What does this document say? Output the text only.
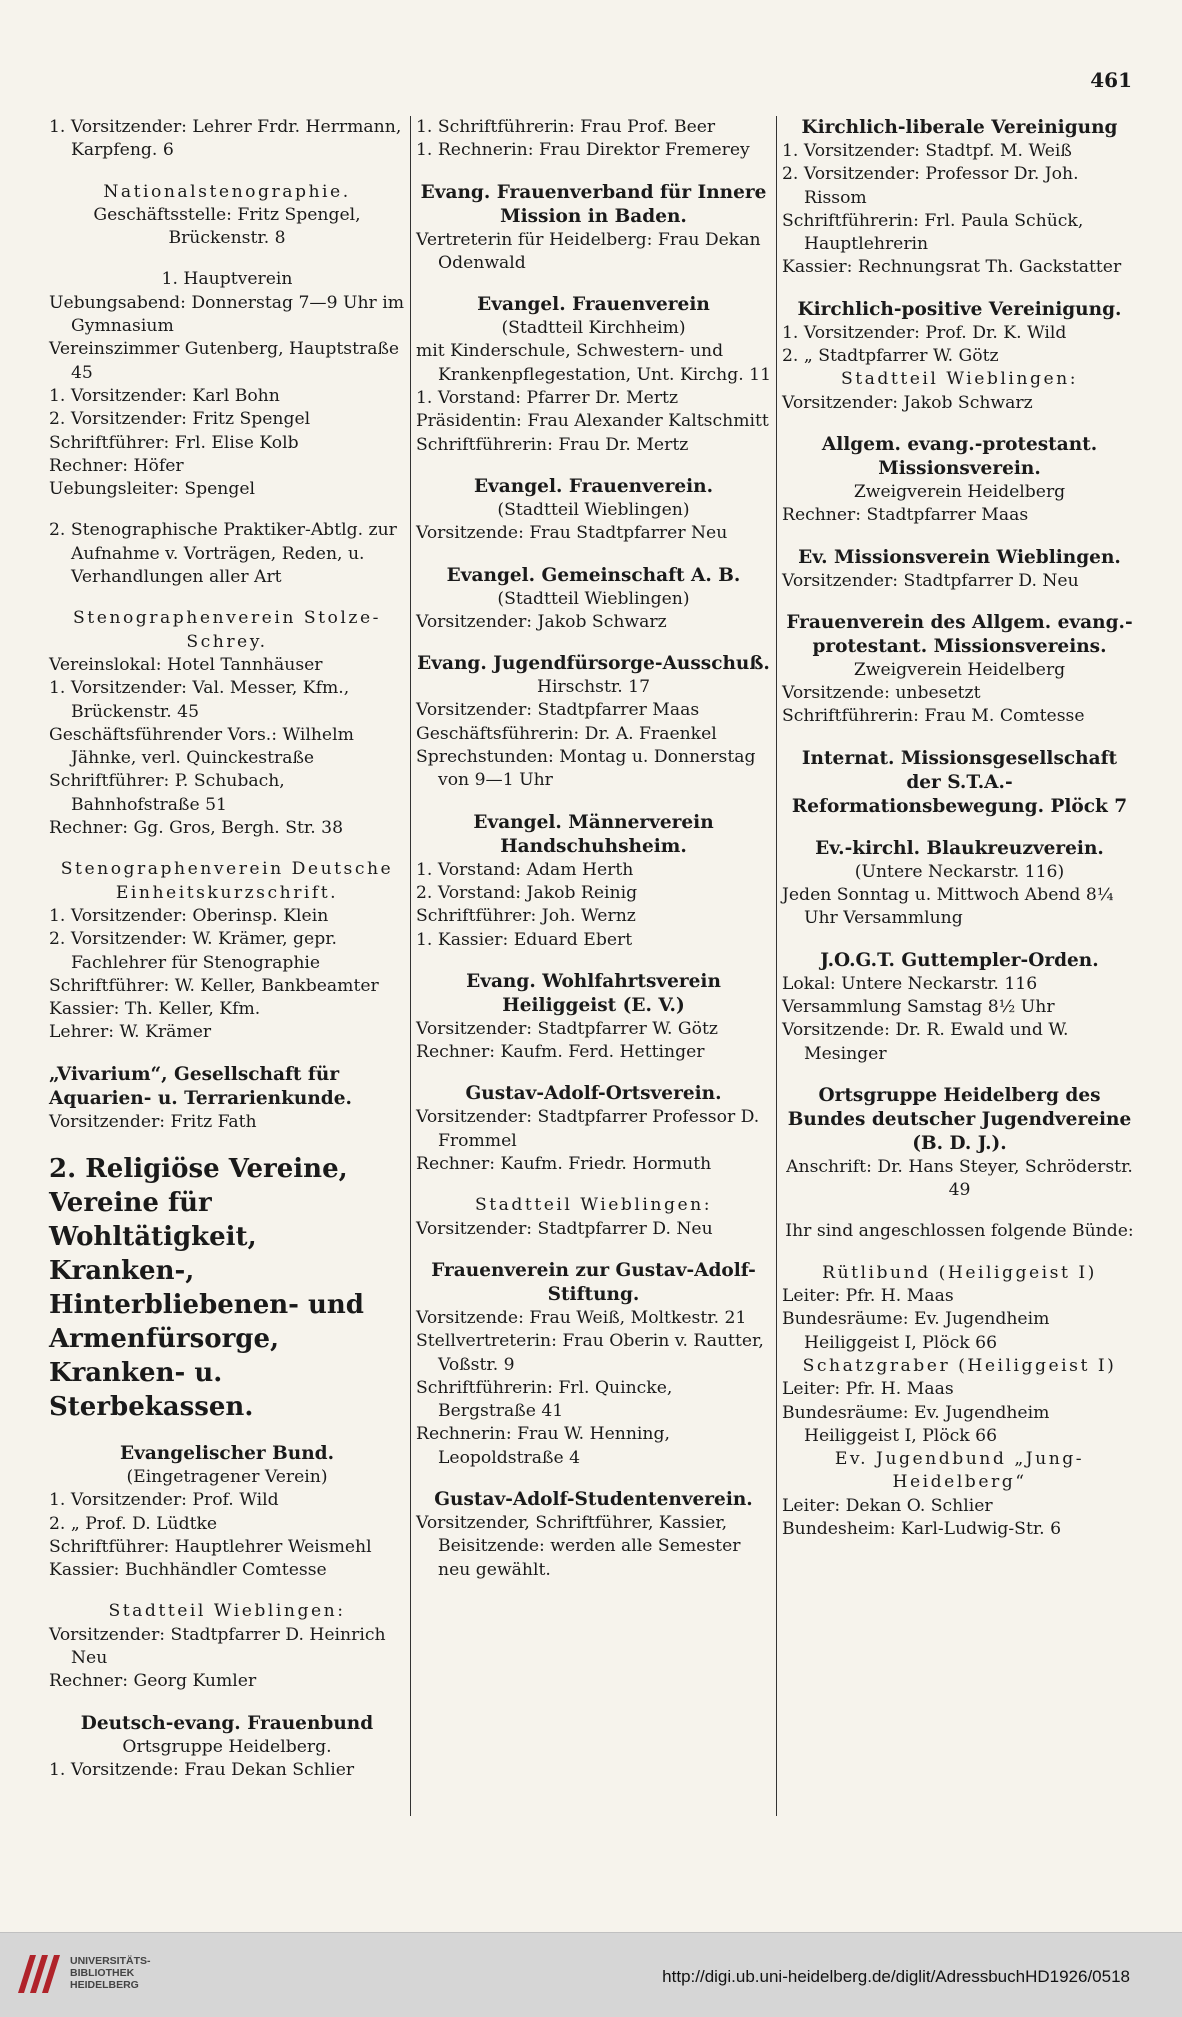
461

1. Vorsitzender: Lehrer Frdr. Herrmann, Karpfeng. 6

Nationalstenographie.

Geschäftsstelle: Fritz Spengel, Brückenstr. 8

1. Hauptverein

Uebungsabend: Donnerstag 7—9 Uhr im Gymnasium

Vereinszimmer Gutenberg, Hauptstraße 45

1. Vorsitzender: Karl Bohn

2. Vorsitzender: Fritz Spengel

Schriftführer: Frl. Elise Kolb

Rechner: Höfer

Uebungsleiter: Spengel

2. Stenographische Praktiker-Abtlg. zur Aufnahme v. Vorträgen, Reden, u. Verhandlungen aller Art

Stenographenverein Stolze-Schrey.

Vereinslokal: Hotel Tannhäuser

1. Vorsitzender: Val. Messer, Kfm., Brückenstr. 45

Geschäftsführender Vors.: Wilhelm Jähnke, verl. Quinckestraße

Schriftführer: P. Schubach, Bahnhofstraße 51

Rechner: Gg. Gros, Bergh. Str. 38

Stenographenverein Deutsche Einheitskurzschrift.

1. Vorsitzender: Oberinsp. Klein

2. Vorsitzender: W. Krämer, gepr. Fachlehrer für Stenographie

Schriftführer: W. Keller, Bankbeamter

Kassier: Th. Keller, Kfm.

Lehrer: W. Krämer

„Vivarium“, Gesellschaft für Aquarien- u. Terrarienkunde.

Vorsitzender: Fritz Fath

2. Religiöse Vereine, Vereine für Wohltätigkeit, Kranken-, Hinterbliebenen- und Armenfürsorge, Kranken- u. Sterbekassen.

Evangelischer Bund.

(Eingetragener Verein)

1. Vorsitzender: Prof. Wild

2. „ Prof. D. Lüdtke

Schriftführer: Hauptlehrer Weismehl

Kassier: Buchhändler Comtesse

Stadtteil Wieblingen:

Vorsitzender: Stadtpfarrer D. Heinrich Neu

Rechner: Georg Kumler

Deutsch-evang. Frauenbund

Ortsgruppe Heidelberg.

1. Vorsitzende: Frau Dekan Schlier

1. Schriftführerin: Frau Prof. Beer

1. Rechnerin: Frau Direktor Fremerey

Evang. Frauenverband für Innere Mission in Baden.

Vertreterin für Heidelberg: Frau Dekan Odenwald

Evangel. Frauenverein

(Stadtteil Kirchheim)

mit Kinderschule, Schwestern- und Krankenpflegestation, Unt. Kirchg. 11

1. Vorstand: Pfarrer Dr. Mertz

Präsidentin: Frau Alexander Kaltschmitt

Schriftführerin: Frau Dr. Mertz

Evangel. Frauenverein.

(Stadtteil Wieblingen)

Vorsitzende: Frau Stadtpfarrer Neu

Evangel. Gemeinschaft A. B.

(Stadtteil Wieblingen)

Vorsitzender: Jakob Schwarz

Evang. Jugendfürsorge-Ausschuß.

Hirschstr. 17

Vorsitzender: Stadtpfarrer Maas

Geschäftsführerin: Dr. A. Fraenkel

Sprechstunden: Montag u. Donnerstag von 9—1 Uhr

Evangel. Männerverein Handschuhsheim.

1. Vorstand: Adam Herth

2. Vorstand: Jakob Reinig

Schriftführer: Joh. Wernz

1. Kassier: Eduard Ebert

Evang. Wohlfahrtsverein Heiliggeist (E. V.)

Vorsitzender: Stadtpfarrer W. Götz

Rechner: Kaufm. Ferd. Hettinger

Gustav-Adolf-Ortsverein.

Vorsitzender: Stadtpfarrer Professor D. Frommel

Rechner: Kaufm. Friedr. Hormuth

Stadtteil Wieblingen:

Vorsitzender: Stadtpfarrer D. Neu

Frauenverein zur Gustav-Adolf-Stiftung.

Vorsitzende: Frau Weiß, Moltkestr. 21

Stellvertreterin: Frau Oberin v. Rautter, Voßstr. 9

Schriftführerin: Frl. Quincke, Bergstraße 41

Rechnerin: Frau W. Henning, Leopoldstraße 4

Gustav-Adolf-Studentenverein.

Vorsitzender, Schriftführer, Kassier, Beisitzende: werden alle Semester neu gewählt.

Kirchlich-liberale Vereinigung

1. Vorsitzender: Stadtpf. M. Weiß

2. Vorsitzender: Professor Dr. Joh. Rissom

Schriftführerin: Frl. Paula Schück, Hauptlehrerin

Kassier: Rechnungsrat Th. Gackstatter

Kirchlich-positive Vereinigung.

1. Vorsitzender: Prof. Dr. K. Wild

2. „ Stadtpfarrer W. Götz

Stadtteil Wieblingen:

Vorsitzender: Jakob Schwarz

Allgem. evang.-protestant. Missionsverein.

Zweigverein Heidelberg

Rechner: Stadtpfarrer Maas

Ev. Missionsverein Wieblingen.

Vorsitzender: Stadtpfarrer D. Neu

Frauenverein des Allgem. evang.-protestant. Missionsvereins.

Zweigverein Heidelberg

Vorsitzende: unbesetzt

Schriftführerin: Frau M. Comtesse

Internat. Missionsgesellschaft der S.T.A.-Reformationsbewegung. Plöck 7

Ev.-kirchl. Blaukreuzverein.

(Untere Neckarstr. 116)

Jeden Sonntag u. Mittwoch Abend 8¼ Uhr Versammlung

J.O.G.T. Guttempler-Orden.

Lokal: Untere Neckarstr. 116

Versammlung Samstag 8½ Uhr

Vorsitzende: Dr. R. Ewald und W. Mesinger

Ortsgruppe Heidelberg des Bundes deutscher Jugendvereine (B. D. J.).

Anschrift: Dr. Hans Steyer, Schröderstr. 49

Ihr sind angeschlossen folgende Bünde:

Rütlibund (Heiliggeist I)

Leiter: Pfr. H. Maas

Bundesräume: Ev. Jugendheim Heiliggeist I, Plöck 66

Schatzgraber (Heiliggeist I)

Leiter: Pfr. H. Maas

Bundesräume: Ev. Jugendheim Heiliggeist I, Plöck 66

Ev. Jugendbund „Jung-Heidelberg“

Leiter: Dekan O. Schlier

Bundesheim: Karl-Ludwig-Str. 6

UNIVERSITÄTS-
BIBLIOTHEK
HEIDELBERG	http://digi.ub.uni-heidelberg.de/diglit/AdressbuchHD1926/0518
